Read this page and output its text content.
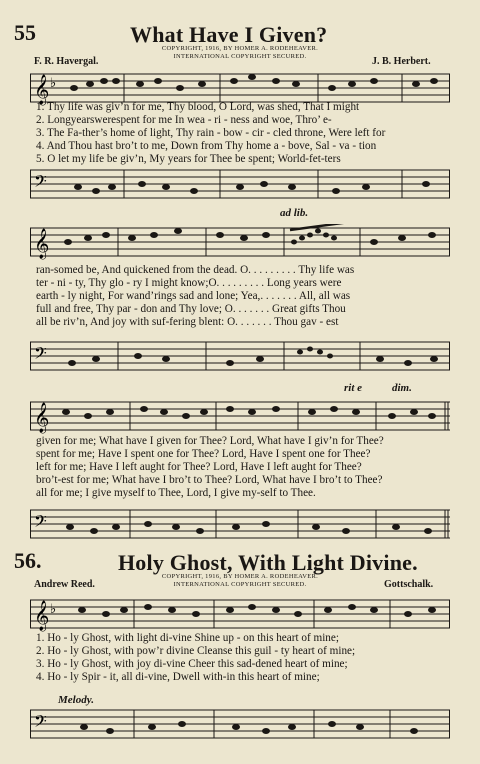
55	What Have I Given?
COPYRIGHT, 1916, BY HOMER A. RODEHEAVER.
INTERNATIONAL COPYRIGHT SECURED.
F. R. Havergal.	J. B. Herbert.
𝄞 ♭
1. Thy life was giv’n for me, Thy blood, O Lord, was shed, That I might
2. Longyearswerespent for me In wea - ri - ness and woe, Thro’ e-
3. The Fa-ther’s home of light, Thy rain - bow - cir - cled throne, Were left for
4. And Thou hast bro’t to me, Down from Thy home a - bove, Sal - va - tion
5. O let my life be giv’n, My years for Thee be spent; World-fet-ters
𝄢
ad lib.
𝄞
ran-somed be, And quickened from the dead. O. . . . . . . . . Thy life was
ter - ni - ty, Thy glo - ry I might know;O. . . . . . . . . Long years were
earth - ly night, For wand’rings sad and lone; Yea,. . . . . . . All, all was
full and free, Thy par - don and Thy love; O. . . . . . . Great gifts Thou
all be riv’n, And joy with suf-fering blent: O. . . . . . . Thou gav - est
𝄢
rit e	dim.
𝄞
given for me; What have I given for Thee? Lord, What have I giv’n for Thee?
spent for me; Have I spent one for Thee? Lord, Have I spent one for Thee?
left for me; Have I left aught for Thee? Lord, Have I left aught for Thee?
bro’t-est for me; What have I bro’t to Thee? Lord, What have I bro’t to Thee?
all for me; I give myself to Thee, Lord, I give my-self to Thee.
𝄢
56.	Holy Ghost, With Light Divine.
COPYRIGHT, 1916, BY HOMER A. RODEHEAVER.
INTERNATIONAL COPYRIGHT SECURED.
Andrew Reed.	Gottschalk.
𝄞 ♭
1. Ho - ly Ghost, with light di-vine Shine up - on this heart of mine;
2. Ho - ly Ghost, with pow’r divine Cleanse this guil - ty heart of mine;
3. Ho - ly Ghost, with joy di-vine Cheer this sad-dened heart of mine;
4. Ho - ly Spir - it, all di-vine, Dwell with-in this heart of mine;
Melody.
𝄢
